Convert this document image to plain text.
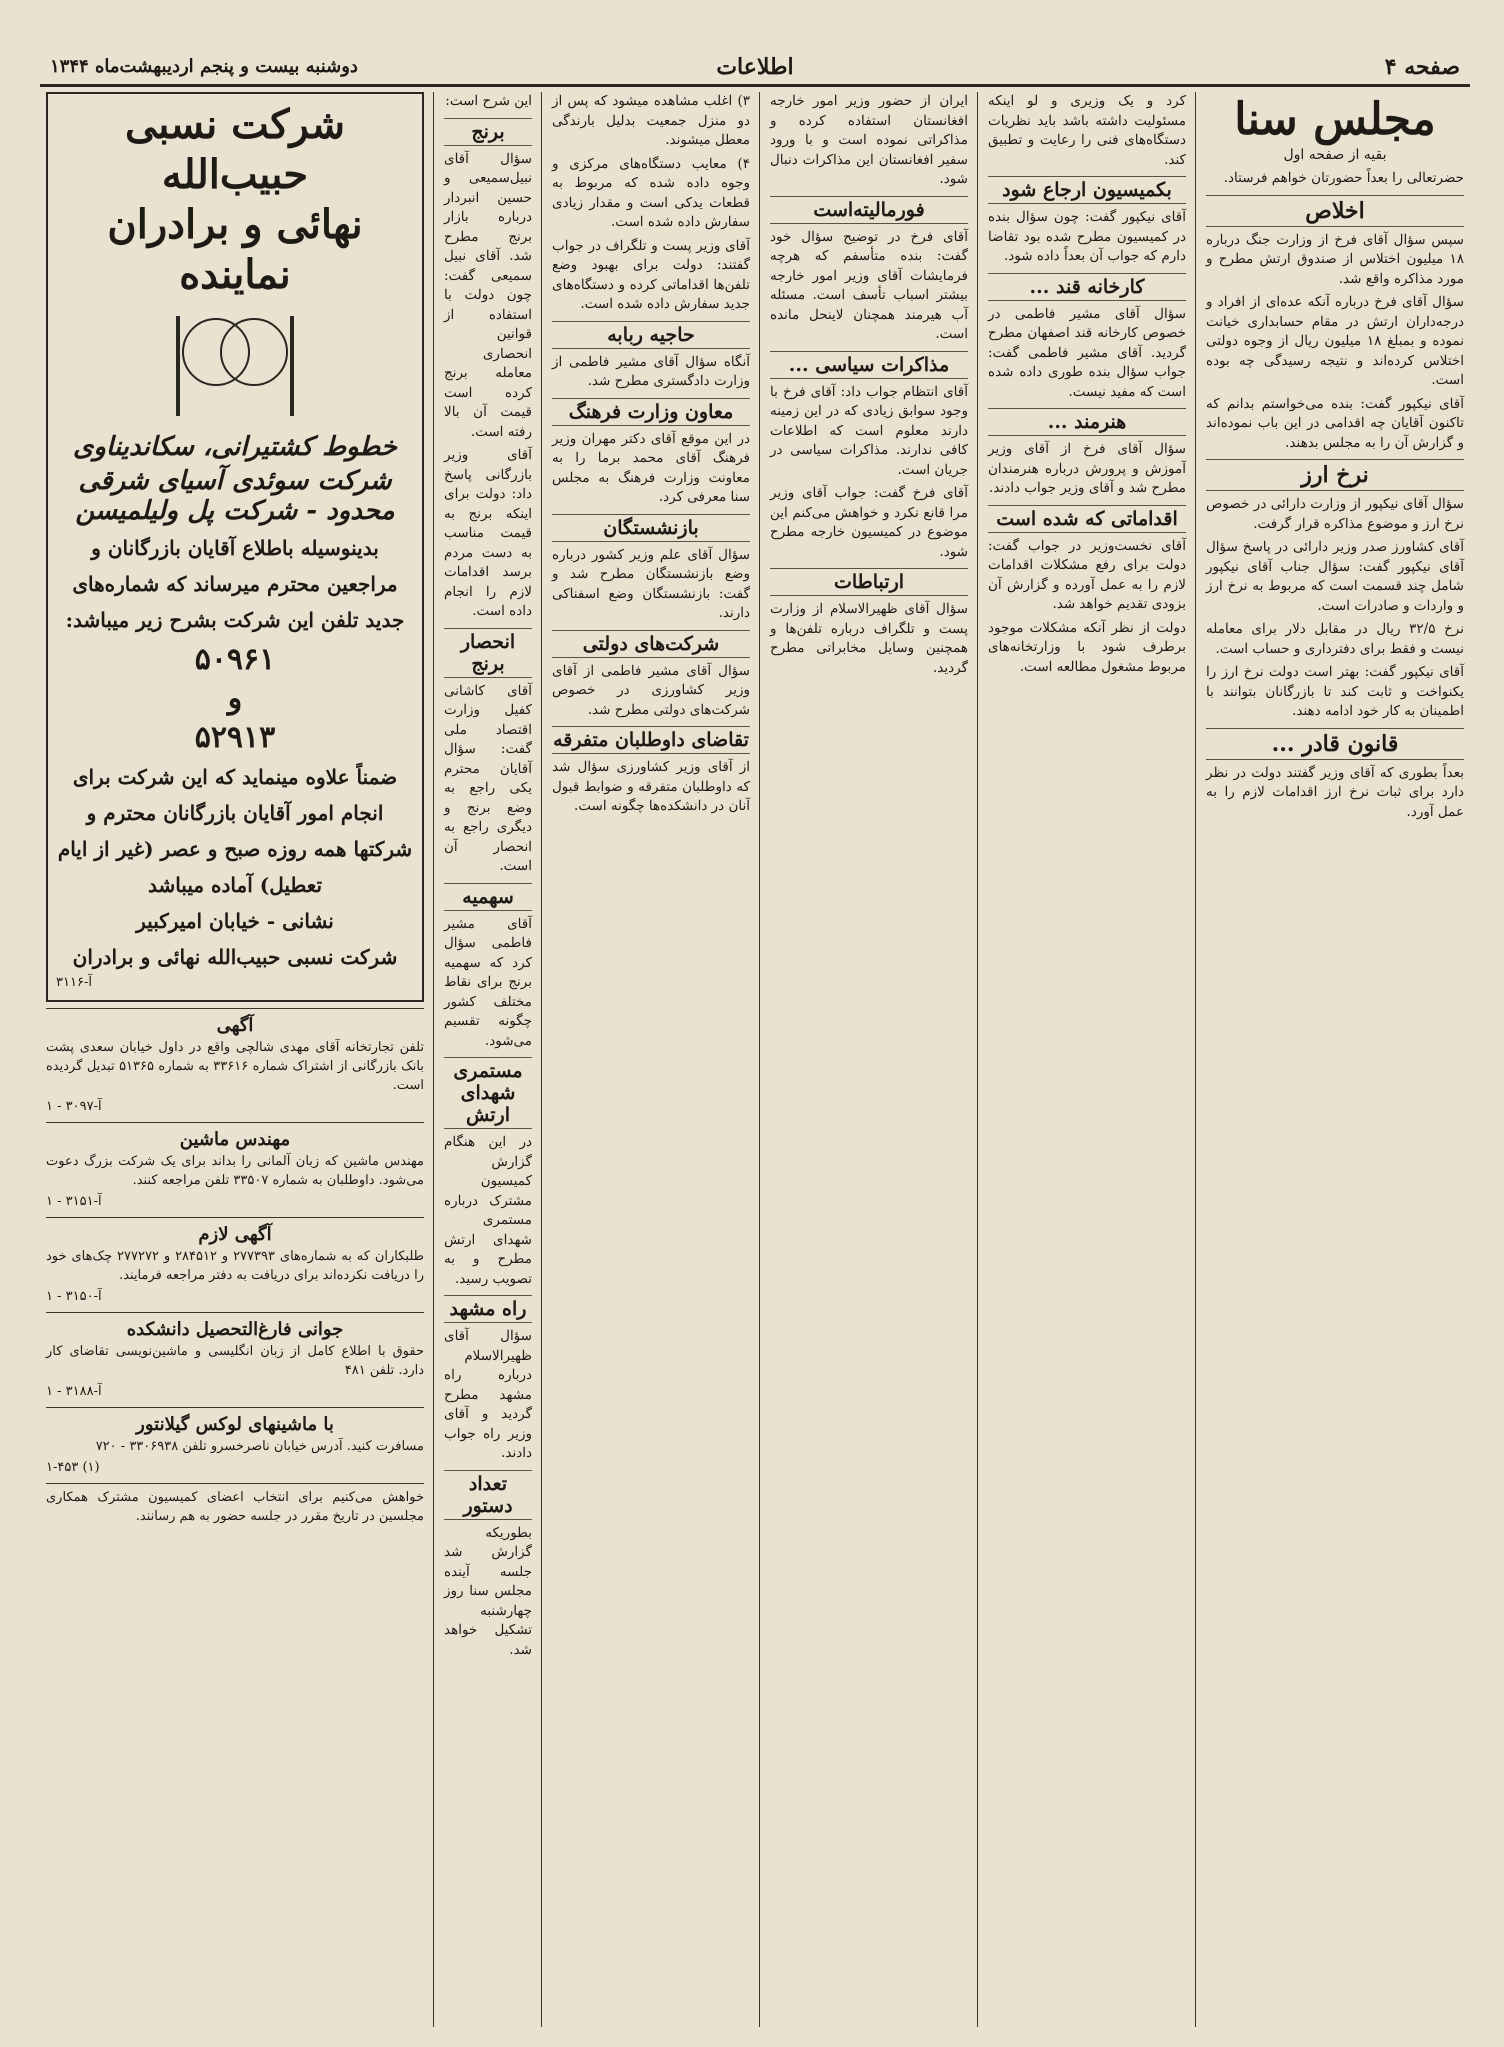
صفحه ۴
اطلاعات
دوشنبه بیست و پنجم اردیبهشت‌ماه ۱۳۴۴
مجلس سنا
بقیه از صفحه اول

حضرتعالی را بعداً حضورتان خواهم فرستاد.

اخلاص

سپس سؤال آقای فرخ از وزارت جنگ درباره ۱۸ میلیون اختلاس از صندوق ارتش مطرح و مورد مذاکره واقع شد.

سؤال آقای فرخ درباره آنکه عده‌ای از افراد و درجه‌داران ارتش در مقام حسابداری خیانت نموده و بمبلغ ۱۸ میلیون ریال از وجوه دولتی اختلاس کرده‌اند و نتیجه رسیدگی چه بوده است.

آقای نیکپور گفت: بنده می‌خواستم بدانم که تاکنون آقایان چه اقدامی در این باب نموده‌اند و گزارش آن را به مجلس بدهند.

نرخ ارز

سؤال آقای نیکپور از وزارت دارائی در خصوص نرخ ارز و موضوع مذاکره قرار گرفت.

آقای کشاورز صدر وزیر دارائی در پاسخ سؤال آقای نیکپور گفت: سؤال جناب آقای نیکپور شامل چند قسمت است که مربوط به نرخ ارز و واردات و صادرات است.

نرخ ۳۲/۵ ریال در مقابل دلار برای معامله نیست و فقط برای دفترداری و حساب است.

آقای نیکپور گفت: بهتر است دولت نرخ ارز را یکنواخت و ثابت کند تا بازرگانان بتوانند با اطمینان به کار خود ادامه دهند.

قانون قادر ...

بعداً بطوری که آقای وزیر گفتند دولت در نظر دارد برای ثبات نرخ ارز اقدامات لازم را به عمل آورد.

کرد و یک وزیری و لو اینکه مسئولیت داشته باشد باید نظریات دستگاه‌های فنی را رعایت و تطبیق کند.

بکمیسیون ارجاع شود

آقای نیکپور گفت: چون سؤال بنده در کمیسیون مطرح شده بود تقاضا دارم که جواب آن بعداً داده شود.

کارخانه قند ...

سؤال آقای مشیر فاطمی در خصوص کارخانه قند اصفهان مطرح گردید. آقای مشیر فاطمی گفت: جواب سؤال بنده طوری داده شده است که مفید نیست.

هنرمند ...

سؤال آقای فرخ از آقای وزیر آموزش و پرورش درباره هنرمندان مطرح شد و آقای وزیر جواب دادند.

اقداماتی که شده است

آقای نخست‌وزیر در جواب گفت: دولت برای رفع مشکلات اقدامات لازم را به عمل آورده و گزارش آن بزودی تقدیم خواهد شد.

دولت از نظر آنکه مشکلات موجود برطرف شود با وزارتخانه‌های مربوط مشغول مطالعه است.

ایران از حضور وزیر امور خارجه افغانستان استفاده کرده و مذاکراتی نموده است و با ورود سفیر افغانستان این مذاکرات دنبال شود.

فورمالیته‌است

آقای فرخ در توضیح سؤال خود گفت: بنده متأسفم که هرچه فرمایشات آقای وزیر امور خارجه بیشتر اسباب تأسف است. مسئله آب هیرمند همچنان لاینحل مانده است.

مذاکرات سیاسی ...

آقای انتظام جواب داد: آقای فرخ با وجود سوابق زیادی که در این زمینه دارند معلوم است که اطلاعات کافی ندارند. مذاکرات سیاسی در جریان است.

آقای فرخ گفت: جواب آقای وزیر مرا قانع نکرد و خواهش می‌کنم این موضوع در کمیسیون خارجه مطرح شود.

ارتباطات

سؤال آقای ظهیرالاسلام از وزارت پست و تلگراف درباره تلفن‌ها و همچنین وسایل مخابراتی مطرح گردید.

۳) اغلب مشاهده میشود که پس از دو منزل جمعیت بدلیل بارندگی معطل میشوند.

۴) معایب دستگاه‌های مرکزی و وجوه داده شده که مربوط به قطعات یدکی است و مقدار زیادی سفارش داده شده است.

آقای وزیر پست و تلگراف در جواب گفتند: دولت برای بهبود وضع تلفن‌ها اقداماتی کرده و دستگاه‌های جدید سفارش داده شده است.

حاجیه ربابه

آنگاه سؤال آقای مشیر فاطمی از وزارت دادگستری مطرح شد.

معاون وزارت فرهنگ

در این موقع آقای دکتر مهران وزیر فرهنگ آقای محمد برما را به معاونت وزارت فرهنگ به مجلس سنا معرفی کرد.

بازنشستگان

سؤال آقای علم وزیر کشور درباره وضع بازنشستگان مطرح شد و گفت: بازنشستگان وضع اسفناکی دارند.

شرکت‌های دولتی

سؤال آقای مشیر فاطمی از آقای وزیر کشاورزی در خصوص شرکت‌های دولتی مطرح شد.

تقاضای داوطلبان متفرقه

از آقای وزیر کشاورزی سؤال شد که داوطلبان متفرقه و ضوابط قبول آنان در دانشکده‌ها چگونه است.

این شرح است:

برنج

سؤال آقای نبیل‌سمیعی و حسین انبردار درباره بازار برنج مطرح شد. آقای نبیل سمیعی گفت: چون دولت با استفاده از قوانین انحصاری معامله برنج کرده است قیمت آن بالا رفته است.

آقای وزیر بازرگانی پاسخ داد: دولت برای اینکه برنج به قیمت مناسب به دست مردم برسد اقدامات لازم را انجام داده است.

انحصار برنج

آقای کاشانی کفیل وزارت اقتصاد ملی گفت: سؤال آقایان محترم یکی راجع به وضع برنج و دیگری راجع به انحصار آن است.

سهمیه

آقای مشیر فاطمی سؤال کرد که سهمیه برنج برای نقاط مختلف کشور چگونه تقسیم می‌شود.

مستمری شهدای ارتش

در این هنگام گزارش کمیسیون مشترک درباره مستمری شهدای ارتش مطرح و به تصویب رسید.

راه مشهد

سؤال آقای ظهیرالاسلام درباره راه مشهد مطرح گردید و آقای وزیر راه جواب دادند.

تعداد دستور

بطوریکه گزارش شد جلسه آینده مجلس سنا روز چهارشنبه تشکیل خواهد شد.

شرکت نسبی حبیب‌الله
نهائی و برادران نماینده
خطوط کشتیرانی، سکاندیناوی
شرکت سوئدی آسیای شرقی محدود - شرکت پل ولیلمیسن

بدینوسیله باطلاع آقایان بازرگانان و مراجعین محترم میرساند که شماره‌های جدید تلفن این شرکت بشرح زیر میباشد:

۵۰۹۶۱
و
۵۲۹۱۳

ضمناً علاوه مینماید که این شرکت برای انجام امور آقایان بازرگانان محترم و شرکتها همه روزه صبح و عصر (غیر از ایام تعطیل) آماده میباشد

نشانی - خیابان امیرکبیر

شرکت نسبی حبیب‌الله نهائی و برادران

آ-۳۱۱۶
آگهی

تلفن تجارتخانه آقای مهدی شالچی واقع در داول خیابان سعدی پشت بانک بازرگانی از اشتراک شماره ۳۳۶۱۶ به شماره ۵۱۳۶۵ تبدیل گردیده است.

آ-۳۰۹۷ - ۱
مهندس ماشین

مهندس ماشین که زبان آلمانی را بداند برای یک شرکت بزرگ دعوت می‌شود. داوطلبان به شماره ۳۳۵۰۷ تلفن مراجعه کنند.

آ-۳۱۵۱ - ۱
آگهی لازم

طلبکاران که به شماره‌های ۲۷۷۳۹۳ و ۲۸۴۵۱۲ و ۲۷۷۲۷۲ چک‌های خود را دریافت نکرده‌اند برای دریافت به دفتر مراجعه فرمایند.

آ-۳۱۵۰ - ۱
جوانی فارغ‌التحصیل دانشکده

حقوق با اطلاع کامل از زبان انگلیسی و ماشین‌نویسی تقاضای کار دارد. تلفن ۴۸۱

آ-۳۱۸۸ - ۱
با ماشینهای لوکس گیلانتور

مسافرت کنید. آدرس خیابان ناصرخسرو تلفن ۳۳۰۶۹۳۸ - ۷۲۰

۱-۴۵۳ (۱)

خواهش می‌کنیم برای انتخاب اعضای کمیسیون مشترک همکاری مجلسین در تاریخ مقرر در جلسه حضور به هم رسانند.
